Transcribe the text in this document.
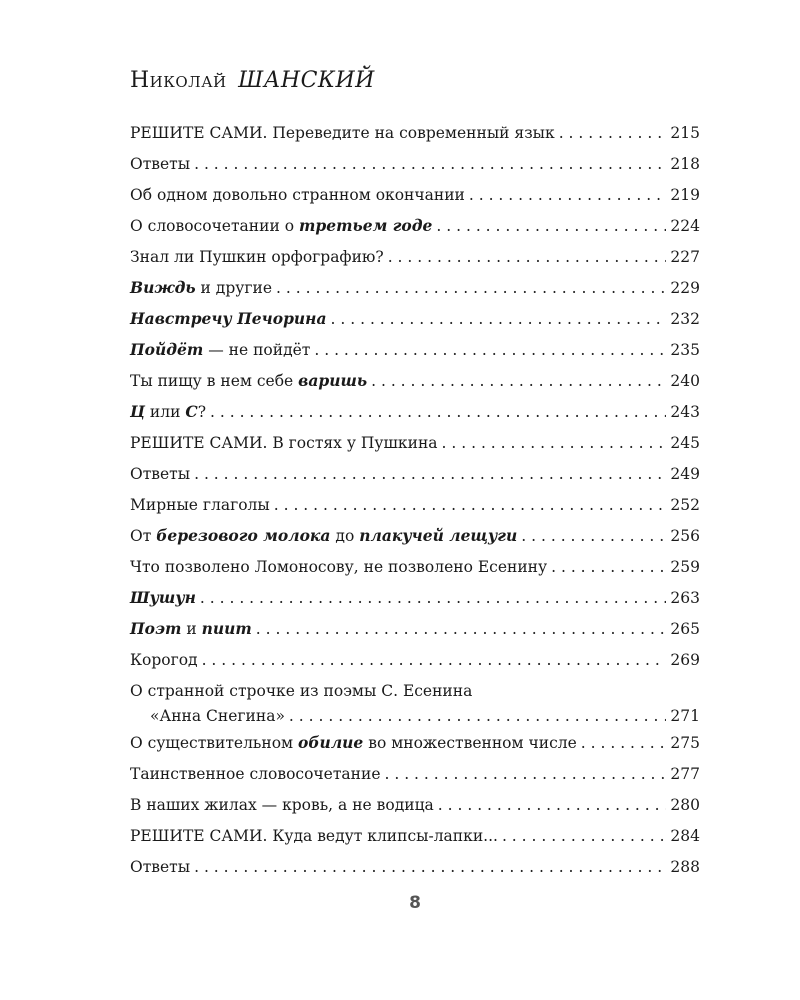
Николай ШАНСКИЙ
РЕШИТЕ САМИ. Переведите на современный язык . . .	215
Ответы . . .	218
Об одном довольно странном окончании . . .	219
О словосочетании о третьем годе . . .	224
Знал ли Пушкин орфографию? . . .	227
Виждь и другие . . .	229
Навстречу Печорина . . .	232
Пойдёт — не пойдёт . . .	235
Ты пищу в нем себе варишь . . .	240
Ц или С? . . .	243
РЕШИТЕ САМИ. В гостях у Пушкина . . .	245
Ответы . . .	249
Мирные глаголы . . .	252
От березового молока до плакучей лещуги . . .	256
Что позволено Ломоносову, не позволено Есенину . . .	259
Шушун . . .	263
Поэт и пиит . . .	265
Корогод . . .	269
О странной строчке из поэмы С. Есенина
«Анна Снегина» . . .	271
О существительном обилие во множественном числе . . .	275
Таинственное словосочетание . . .	277
В наших жилах — кровь, а не водица . . .	280
РЕШИТЕ САМИ. Куда ведут клипсы-лапки... . . .	284
Ответы . . .	288
8
